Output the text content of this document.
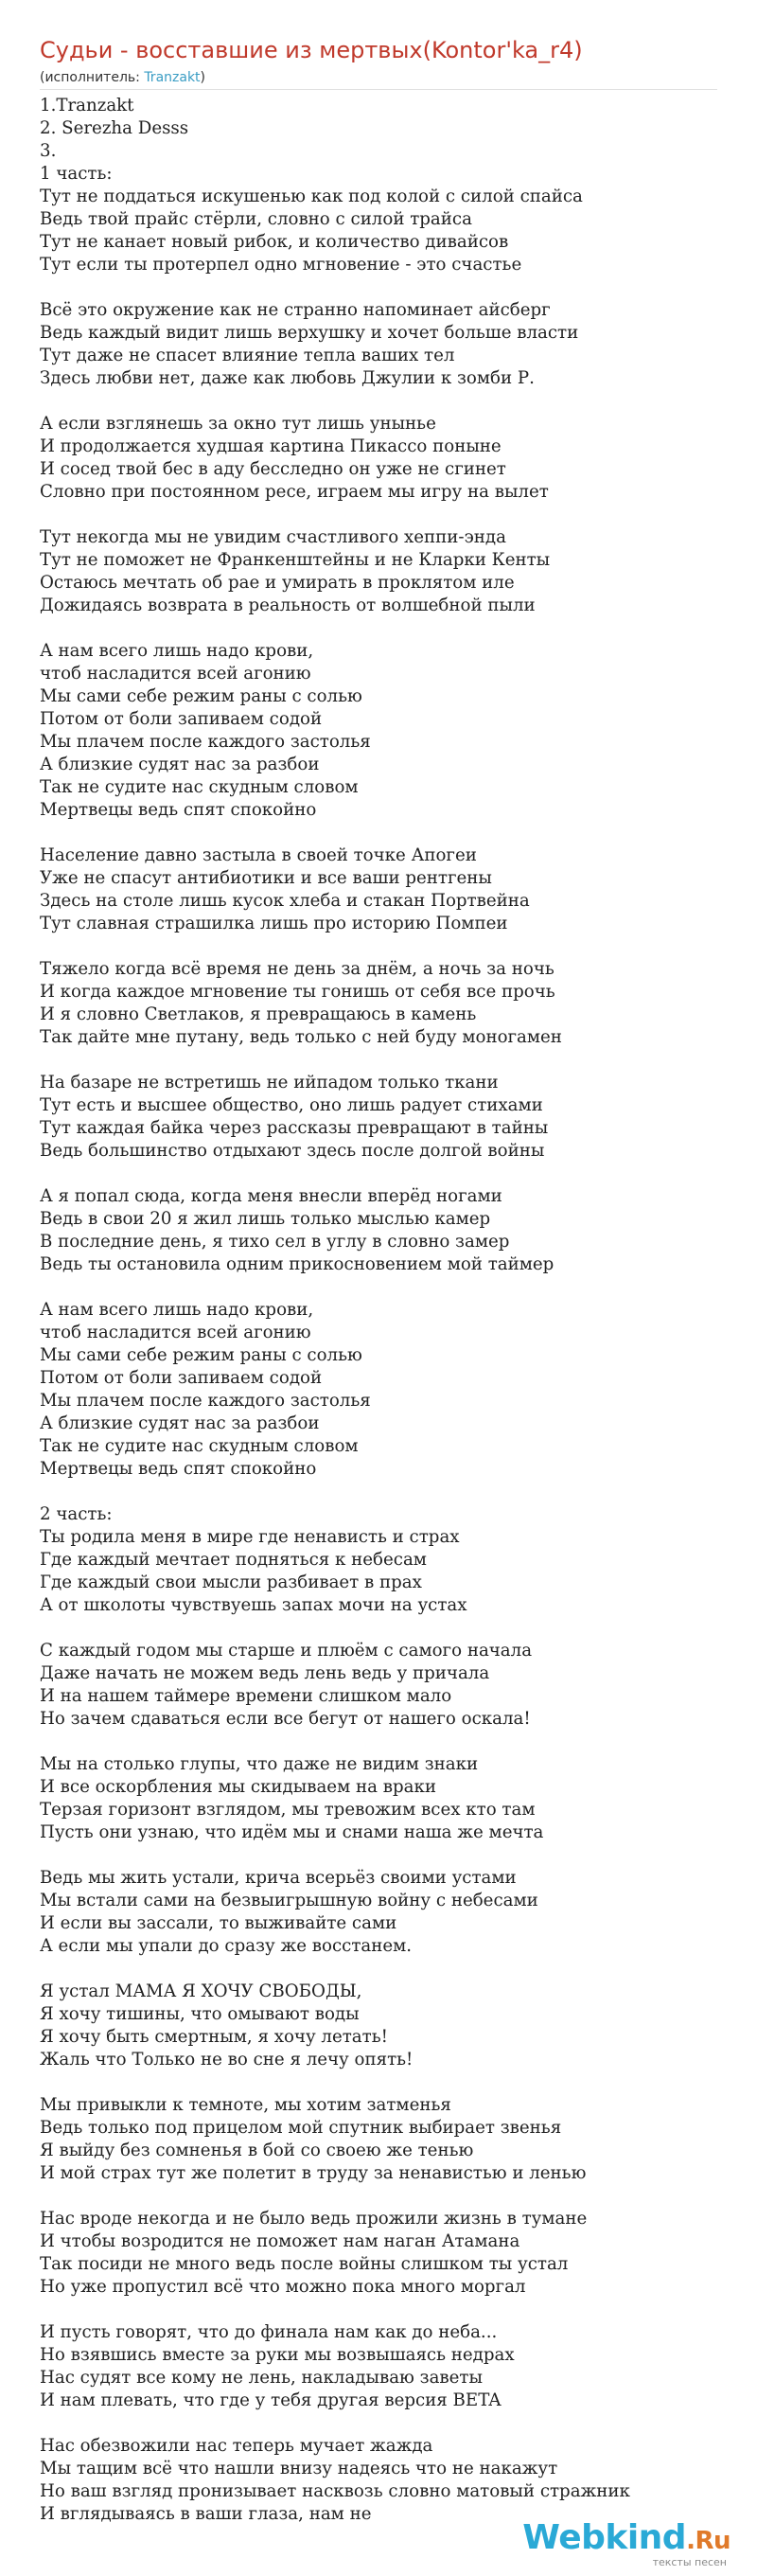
Судьи - восставшие из мертвых(Kontor'ka_r4)
(исполнитель: Tranzakt)
1.Tranzakt
2. Serezha Desss
3.
1 часть:
Тут не поддаться искушенью как под колой с силой спайса
Ведь твой прайс стёрли, словно с силой трайса
Тут не канает новый рибок, и количество дивайсов
Тут если ты протерпел одно мгновение - это счастье
Всё это окружение как не странно напоминает айсберг
Ведь каждый видит лишь верхушку и хочет больше власти
Тут даже не спасет влияние тепла ваших тел
Здесь любви нет, даже как любовь Джулии к зомби Р.
А если взглянешь за окно тут лишь унынье
И продолжается худшая картина Пикассо поныне
И сосед твой бес в аду бесследно он уже не сгинет
Словно при постоянном ресе, играем мы игру на вылет
Тут некогда мы не увидим счастливого хеппи-энда
Тут не поможет не Франкенштейны и не Кларки Кенты
Остаюсь мечтать об рае и умирать в проклятом иле
Дожидаясь возврата в реальность от волшебной пыли
А нам всего лишь надо крови,
чтоб насладится всей агонию
Мы сами себе режим раны с солью
Потом от боли запиваем содой
Мы плачем после каждого застолья
А близкие судят нас за разбои
Так не судите нас скудным словом
Мертвецы ведь спят спокойно
Население давно застыла в своей точке Апогеи
Уже не спасут антибиотики и все ваши рентгены
Здесь на столе лишь кусок хлеба и стакан Портвейна
Тут славная страшилка лишь про историю Помпеи
Тяжело когда всё время не день за днём, а ночь за ночь
И когда каждое мгновение ты гонишь от себя все прочь
И я словно Светлаков, я превращаюсь в камень
Так дайте мне путану, ведь только с ней буду моногамен
На базаре не встретишь не ийпадом только ткани
Тут есть и высшее общество, оно лишь радует стихами
Тут каждая байка через рассказы превращают в тайны
Ведь большинство отдыхают здесь после долгой войны
А я попал сюда, когда меня внесли вперёд ногами
Ведь в свои 20 я жил лишь только мыслью камер
В последние день, я тихо сел в углу в словно замер
Ведь ты остановила одним прикосновением мой таймер
А нам всего лишь надо крови,
чтоб насладится всей агонию
Мы сами себе режим раны с солью
Потом от боли запиваем содой
Мы плачем после каждого застолья
А близкие судят нас за разбои
Так не судите нас скудным словом
Мертвецы ведь спят спокойно
2 часть:
Ты родила меня в мире где ненависть и страх
Где каждый мечтает подняться к небесам
Где каждый свои мысли разбивает в прах
А от школоты чувствуешь запах мочи на устах
С каждый годом мы старше и плюём с самого начала
Даже начать не можем ведь лень ведь у причала
И на нашем таймере времени слишком мало
Но зачем сдаваться если все бегут от нашего оскала!
Мы на столько глупы, что даже не видим знаки
И все оскорбления мы скидываем на враки
Терзая горизонт взглядом, мы тревожим всех кто там
Пусть они узнаю, что идём мы и снами наша же мечта
Ведь мы жить устали, крича всерьёз своими устами
Мы встали сами на безвыигрышную войну с небесами
И если вы зассали, то выживайте сами
А если мы упали до сразу же восстанем.
Я устал МАМА Я ХОЧУ СВОБОДЫ,
Я хочу тишины, что омывают воды
Я хочу быть смертным, я хочу летать!
Жаль что Только не во сне я лечу опять!
Мы привыкли к темноте, мы хотим затменья
Ведь только под прицелом мой спутник выбирает звенья
Я выйду без сомненья в бой со своею же тенью
И мой страх тут же полетит в труду за ненавистью и ленью
Нас вроде некогда и не было ведь прожили жизнь в тумане
И чтобы возродится не поможет нам наган Атамана
Так посиди не много ведь после войны слишком ты устал
Но уже пропустил всё что можно пока много моргал
И пусть говорят, что до финала нам как до неба...
Но взявшись вместе за руки мы возвышаясь недрах
Нас судят все кому не лень, накладываю заветы
И нам плевать, что где у тебя другая версия BETA
Нас обезвожили нас теперь мучает жажда
Мы тащим всё что нашли внизу надеясь что не накажут
Но ваш взгляд пронизывает насквозь словно матовый стражник
И вглядываясь в ваши глаза, нам не
Webkind.Ru
тексты песен
